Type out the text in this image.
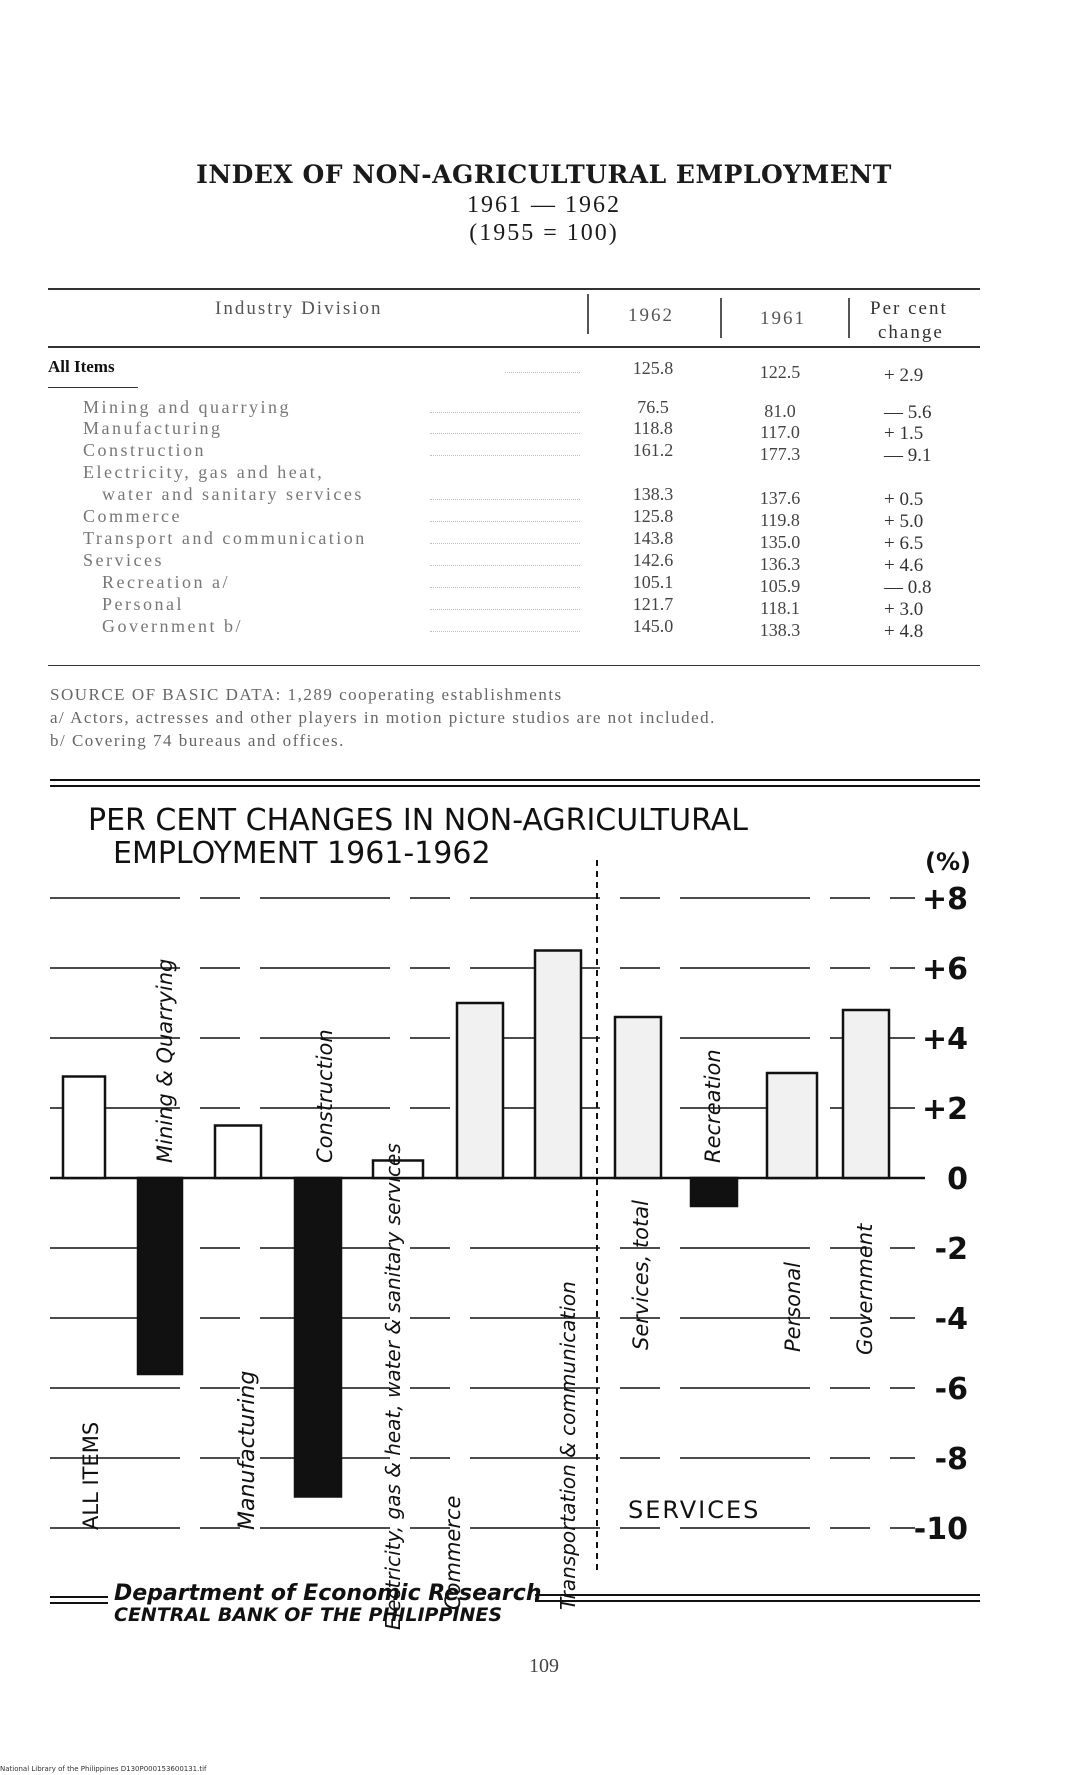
INDEX OF NON-AGRICULTURAL EMPLOYMENT
1961 — 1962
(1955 = 100)
Industry Division	1962	1961	Per cent
change
All Items	125.8	122.5	+ 2.9
Mining and quarrying	76.5	81.0	— 5.6
Manufacturing	118.8	117.0	+ 1.5
Construction	161.2	177.3	— 9.1
Electricity, gas and heat,
water and sanitary services	138.3	137.6	+ 0.5
Commerce	125.8	119.8	+ 5.0
Transport and communication	143.8	135.0	+ 6.5
Services	142.6	136.3	+ 4.6
Recreation a/	105.1	105.9	— 0.8
Personal	121.7	118.1	+ 3.0
Government b/	145.0	138.3	+ 4.8
SOURCE OF BASIC DATA: 1,289 cooperating establishments
a/ Actors, actresses and other players in motion picture studios are not included.
b/ Covering 74 bureaus and offices.
PER CENT CHANGES IN NON-AGRICULTURAL
EMPLOYMENT 1961-1962	(%)
+8
+6
+4
+2
0
-2
-4
-6
-8
-10
ALL ITEMS
Mining & Quarrying
Manufacturing
Construction
Electricity, gas & heat, water & sanitary services Commerce	Transportation & communication
Services, total
Recreation
Personal Government
SERVICES
Department of Economic Research
CENTRAL BANK OF THE PHILIPPINES
109
National Library of the Philippines D130P000153600131.tif
